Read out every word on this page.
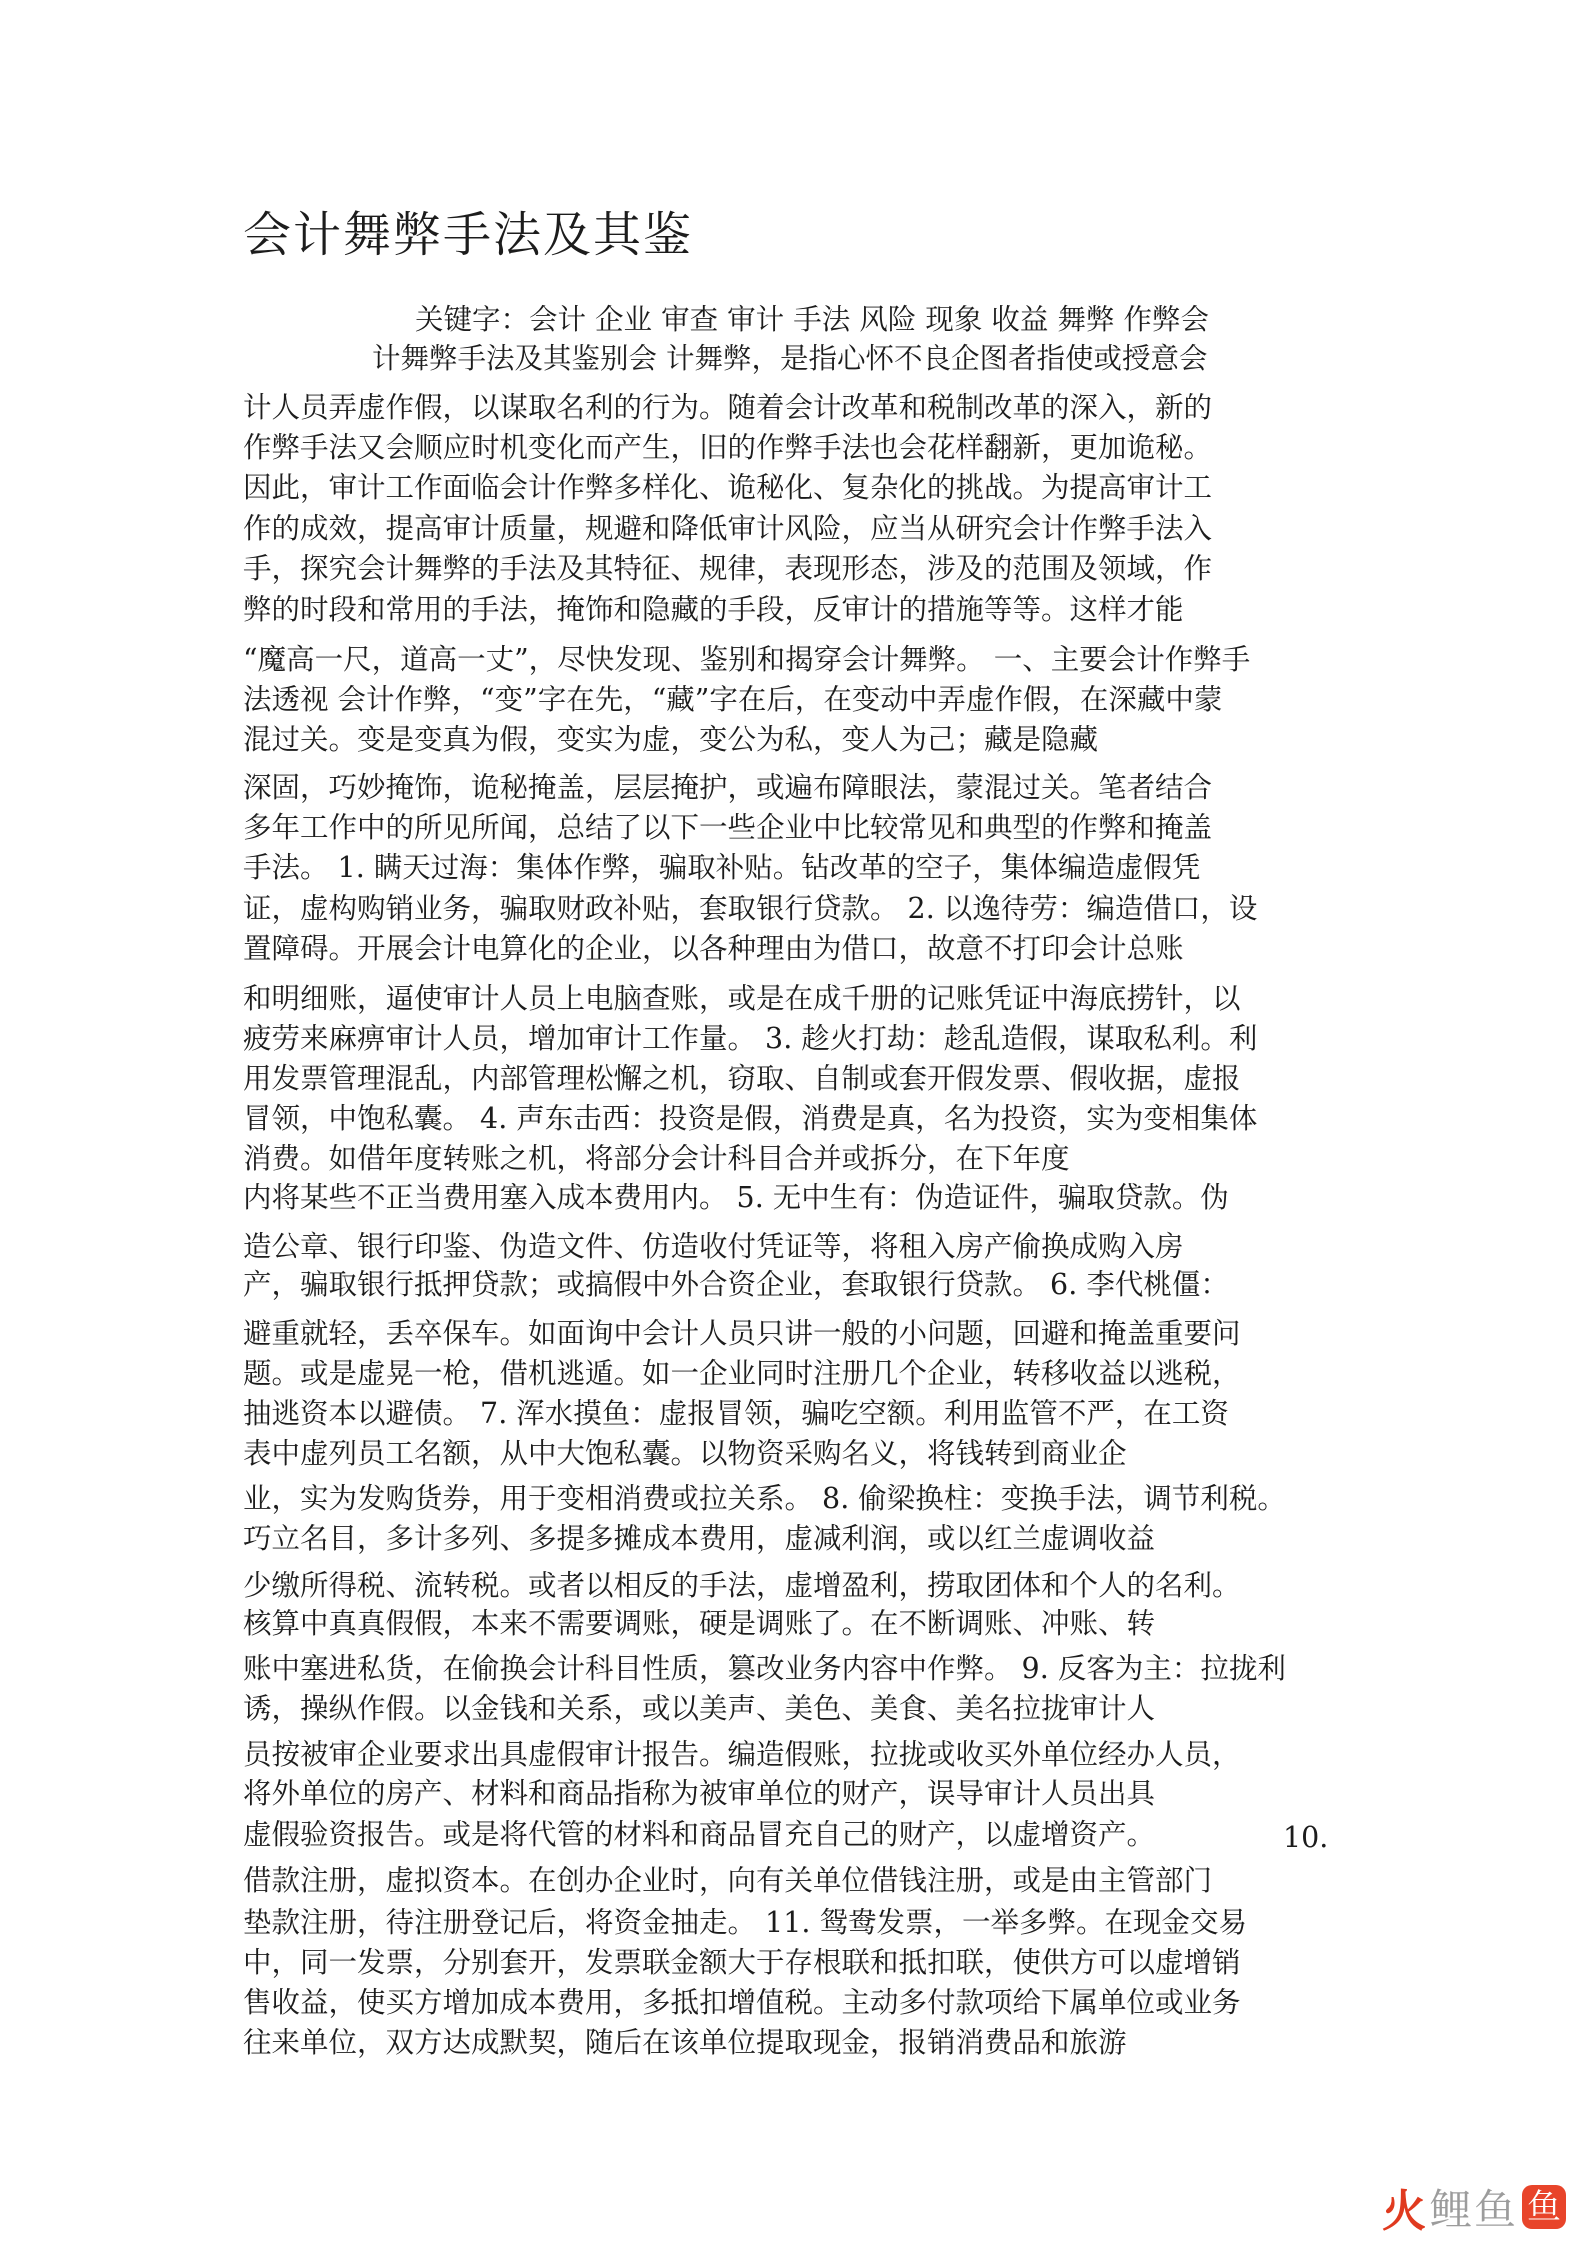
会计舞弊手法及其鉴
关键字：会计 企业 审查 审计 手法 风险 现象 收益 舞弊 作弊会
计舞弊手法及其鉴别会 计舞弊，是指心怀不良企图者指使或授意会
计人员弄虚作假，以谋取名利的行为。随着会计改革和税制改革的深入，新的
作弊手法又会顺应时机变化而产生，旧的作弊手法也会花样翻新，更加诡秘。
因此，审计工作面临会计作弊多样化、诡秘化、复杂化的挑战。为提高审计工
作的成效，提高审计质量，规避和降低审计风险，应当从研究会计作弊手法入
手，探究会计舞弊的手法及其特征、规律，表现形态，涉及的范围及领域，作
弊的时段和常用的手法，掩饰和隐藏的手段，反审计的措施等等。这样才能
“魔高一尺，道高一丈”，尽快发现、鉴别和揭穿会计舞弊。 一、主要会计作弊手
法透视 会计作弊，“变”字在先，“藏”字在后，在变动中弄虚作假，在深藏中蒙
混过关。变是变真为假，变实为虚，变公为私，变人为己；藏是隐藏
深固，巧妙掩饰，诡秘掩盖，层层掩护，或遍布障眼法，蒙混过关。笔者结合
多年工作中的所见所闻，总结了以下一些企业中比较常见和典型的作弊和掩盖
手法。 1. 瞒天过海：集体作弊，骗取补贴。钻改革的空子，集体编造虚假凭
证，虚构购销业务，骗取财政补贴，套取银行贷款。 2. 以逸待劳：编造借口，设
置障碍。开展会计电算化的企业，以各种理由为借口，故意不打印会计总账
和明细账，逼使审计人员上电脑查账，或是在成千册的记账凭证中海底捞针，以
疲劳来麻痹审计人员，增加审计工作量。 3. 趁火打劫：趁乱造假，谋取私利。利
用发票管理混乱，内部管理松懈之机，窃取、自制或套开假发票、假收据，虚报
冒领，中饱私囊。 4. 声东击西：投资是假，消费是真，名为投资，实为变相集体
消费。如借年度转账之机，将部分会计科目合并或拆分，在下年度
内将某些不正当费用塞入成本费用内。 5. 无中生有：伪造证件，骗取贷款。伪
造公章、银行印鉴、伪造文件、仿造收付凭证等，将租入房产偷换成购入房
产，骗取银行抵押贷款；或搞假中外合资企业，套取银行贷款。 6. 李代桃僵：
避重就轻，丢卒保车。如面询中会计人员只讲一般的小问题，回避和掩盖重要问
题。或是虚晃一枪，借机逃遁。如一企业同时注册几个企业，转移收益以逃税，
抽逃资本以避债。 7. 浑水摸鱼：虚报冒领，骗吃空额。利用监管不严，在工资
表中虚列员工名额，从中大饱私囊。以物资采购名义，将钱转到商业企
业，实为发购货券，用于变相消费或拉关系。 8. 偷梁换柱：变换手法，调节利税。
巧立名目，多计多列、多提多摊成本费用，虚减利润，或以红兰虚调收益
少缴所得税、流转税。或者以相反的手法，虚增盈利，捞取团体和个人的名利。
核算中真真假假，本来不需要调账，硬是调账了。在不断调账、冲账、转
账中塞进私货，在偷换会计科目性质，篡改业务内容中作弊。 9. 反客为主：拉拢利
诱，操纵作假。以金钱和关系，或以美声、美色、美食、美名拉拢审计人
员按被审企业要求出具虚假审计报告。编造假账，拉拢或收买外单位经办人员，
将外单位的房产、材料和商品指称为被审单位的财产，误导审计人员出具
虚假验资报告。或是将代管的材料和商品冒充自己的财产，以虚增资产。	10.
借款注册，虚拟资本。在创办企业时，向有关单位借钱注册，或是由主管部门
垫款注册，待注册登记后，将资金抽走。 11. 鸳鸯发票，一举多弊。在现金交易
中，同一发票，分别套开，发票联金额大于存根联和抵扣联，使供方可以虚增销
售收益，使买方增加成本费用，多抵扣增值税。主动多付款项给下属单位或业务
往来单位，双方达成默契，随后在该单位提取现金，报销消费品和旅游
火 鲤鱼 鱼
